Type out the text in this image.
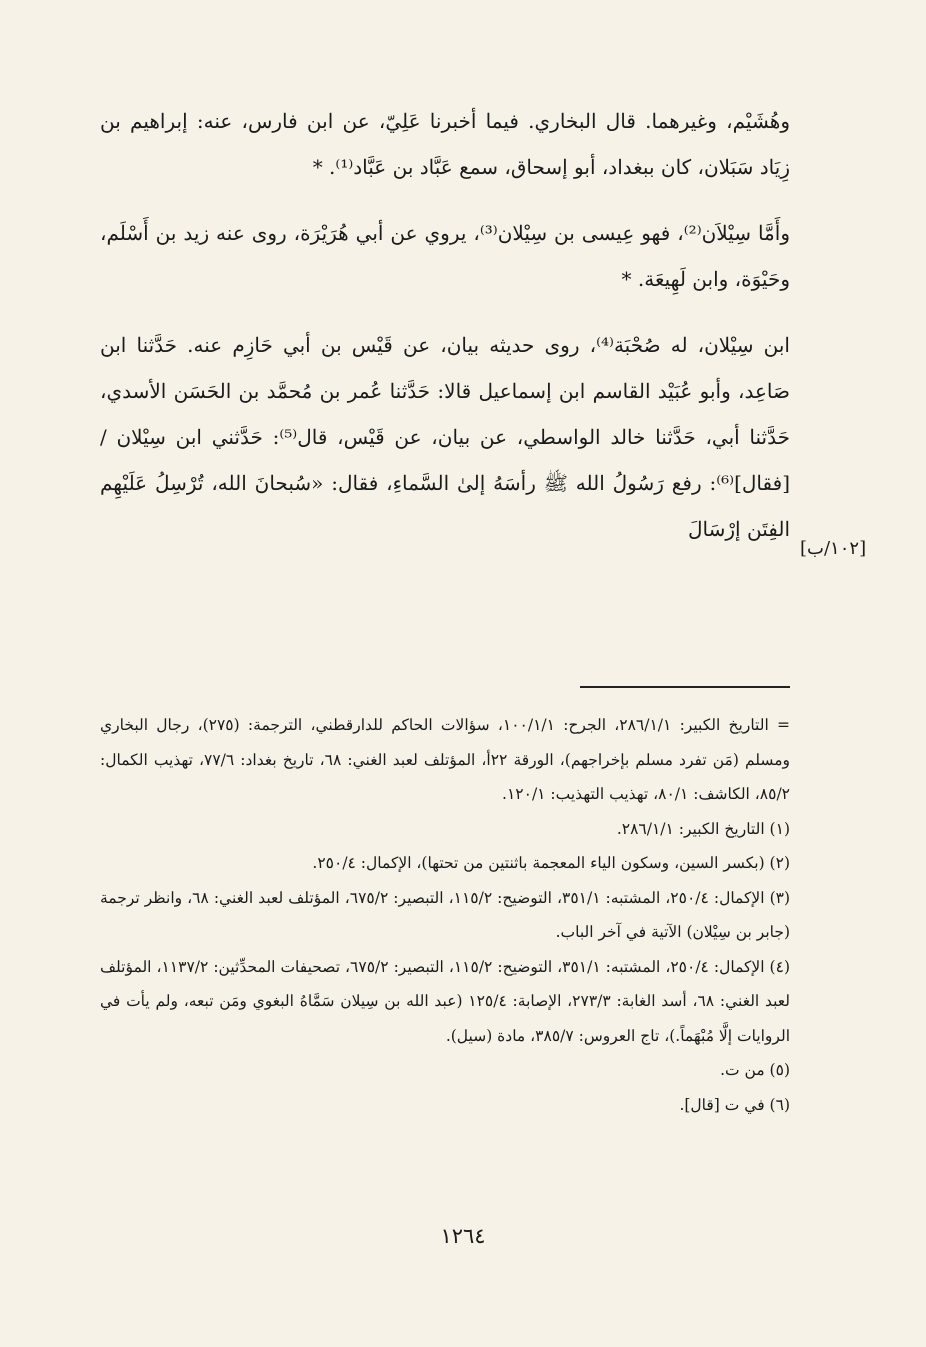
وهُشَيْم، وغيرهما. قال البخاري. فيما أخبرنا عَلِيّ، عن ابن فارس، عنه: إبراهيم بن زِيَاد سَبَلان، كان ببغداد، أبو إسحاق، سمع عَبَّاد بن عَبَّاد⁽¹⁾. *

وأَمَّا سِيْلاَن⁽²⁾، فهو عِيسى بن سِيْلان⁽³⁾، يروي عن أبي هُرَيْرَة، روى عنه زيد بن أَسْلَم، وحَيْوَة، وابن لَهِيعَة. *

ابن سِيْلان، له صُحْبَة⁽⁴⁾، روى حديثه بيان، عن قَيْس بن أبي حَازِم عنه. حَدَّثنا ابن صَاعِد، وأبو عُبَيْد القاسم ابن إسماعيل قالا: حَدَّثنا عُمر بن مُحمَّد بن الحَسَن الأسدي، حَدَّثنا أبي، حَدَّثنا خالد الواسطي، عن بيان، عن قَيْس، قال⁽⁵⁾: حَدَّثني ابن سِيْلان / [فقال]⁽⁶⁾: رفع رَسُولُ الله ﷺ رأسَهُ إلىٰ السَّماءِ، فقال: «سُبحانَ الله، تُرْسِلُ عَلَيْهِم الفِتَن إرْسَالَ

[١٠٢/ب]
= التاريخ الكبير: ٢٨٦/١/١، الجرح: ١٠٠/١/١، سؤالات الحاكم للدارقطني، الترجمة: (٢٧٥)، رجال البخاري ومسلم (مَن تفرد مسلم بإخراجهم)، الورقة ٢٢أ، المؤتلف لعبد الغني: ٦٨، تاريخ بغداد: ٧٧/٦، تهذيب الكمال: ٨٥/٢، الكاشف: ٨٠/١، تهذيب التهذيب: ١٢٠/١.
(١) التاريخ الكبير: ٢٨٦/١/١.
(٢) (بكسر السين، وسكون الياء المعجمة باثنتين من تحتها)، الإكمال: ٢٥٠/٤.
(٣) الإكمال: ٢٥٠/٤، المشتبه: ٣٥١/١، التوضيح: ١١٥/٢، التبصير: ٦٧٥/٢، المؤتلف لعبد الغني: ٦٨، وانظر ترجمة (جابر بن سِيْلان) الآتية في آخر الباب.
(٤) الإكمال: ٢٥٠/٤، المشتبه: ٣٥١/١، التوضيح: ١١٥/٢، التبصير: ٦٧٥/٢، تصحيفات المحدِّثين: ١١٣٧/٢، المؤتلف لعبد الغني: ٦٨، أسد الغابة: ٢٧٣/٣، الإصابة: ١٢٥/٤ (عبد الله بن سِيلان سَمَّاهُ البغوي ومَن تبعه، ولم يأت في الروايات إلَّا مُبْهَماً.)، تاج العروس: ٣٨٥/٧، مادة (سيل).
(٥) من ت.
(٦) في ت [قال].
١٢٦٤
